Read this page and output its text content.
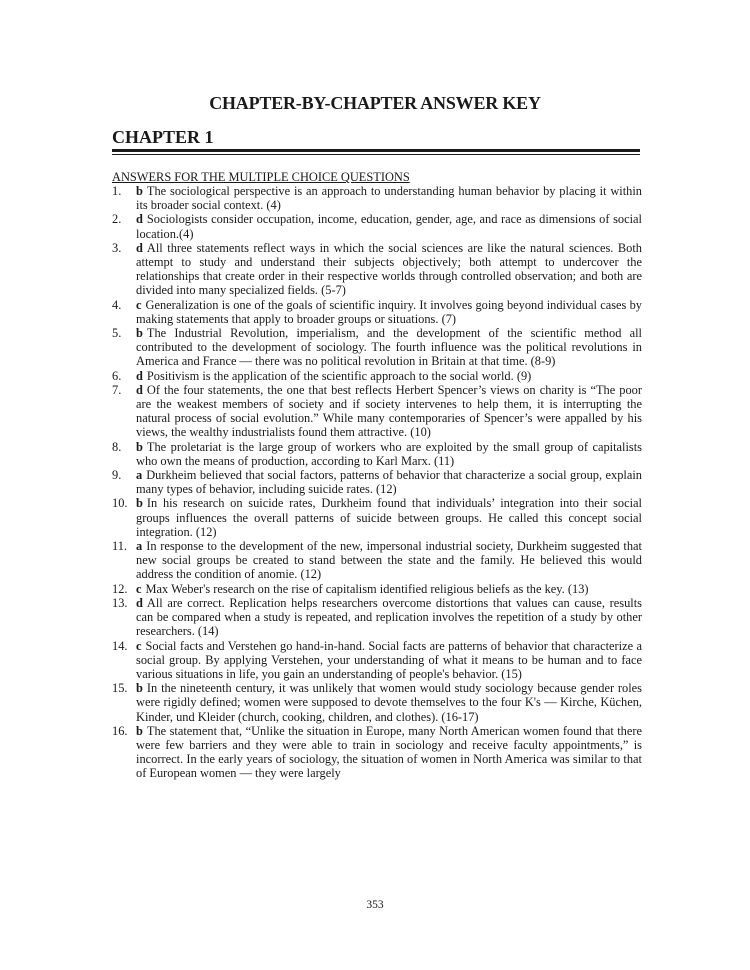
CHAPTER-BY-CHAPTER ANSWER KEY
CHAPTER 1
ANSWERS FOR THE MULTIPLE CHOICE QUESTIONS
1. b The sociological perspective is an approach to understanding human behavior by placing it within its broader social context. (4)
2. d Sociologists consider occupation, income, education, gender, age, and race as dimensions of social location.(4)
3. d All three statements reflect ways in which the social sciences are like the natural sciences. Both attempt to study and understand their subjects objectively; both attempt to undercover the relationships that create order in their respective worlds through controlled observation; and both are divided into many specialized fields. (5-7)
4. c Generalization is one of the goals of scientific inquiry. It involves going beyond individual cases by making statements that apply to broader groups or situations. (7)
5. b The Industrial Revolution, imperialism, and the development of the scientific method all contributed to the development of sociology. The fourth influence was the political revolutions in America and France — there was no political revolution in Britain at that time. (8-9)
6. d Positivism is the application of the scientific approach to the social world. (9)
7. d Of the four statements, the one that best reflects Herbert Spencer’s views on charity is “The poor are the weakest members of society and if society intervenes to help them, it is interrupting the natural process of social evolution.” While many contemporaries of Spencer’s were appalled by his views, the wealthy industrialists found them attractive. (10)
8. b The proletariat is the large group of workers who are exploited by the small group of capitalists who own the means of production, according to Karl Marx. (11)
9. a Durkheim believed that social factors, patterns of behavior that characterize a social group, explain many types of behavior, including suicide rates. (12)
10. b In his research on suicide rates, Durkheim found that individuals’ integration into their social groups influences the overall patterns of suicide between groups. He called this concept social integration. (12)
11. a In response to the development of the new, impersonal industrial society, Durkheim suggested that new social groups be created to stand between the state and the family. He believed this would address the condition of anomie. (12)
12. c Max Weber's research on the rise of capitalism identified religious beliefs as the key. (13)
13. d All are correct. Replication helps researchers overcome distortions that values can cause, results can be compared when a study is repeated, and replication involves the repetition of a study by other researchers. (14)
14. c Social facts and Verstehen go hand-in-hand. Social facts are patterns of behavior that characterize a social group. By applying Verstehen, your understanding of what it means to be human and to face various situations in life, you gain an understanding of people's behavior. (15)
15. b In the nineteenth century, it was unlikely that women would study sociology because gender roles were rigidly defined; women were supposed to devote themselves to the four K's — Kirche, Küchen, Kinder, und Kleider (church, cooking, children, and clothes). (16-17)
16. b The statement that, “Unlike the situation in Europe, many North American women found that there were few barriers and they were able to train in sociology and receive faculty appointments,” is incorrect. In the early years of sociology, the situation of women in North America was similar to that of European women — they were largely
353
